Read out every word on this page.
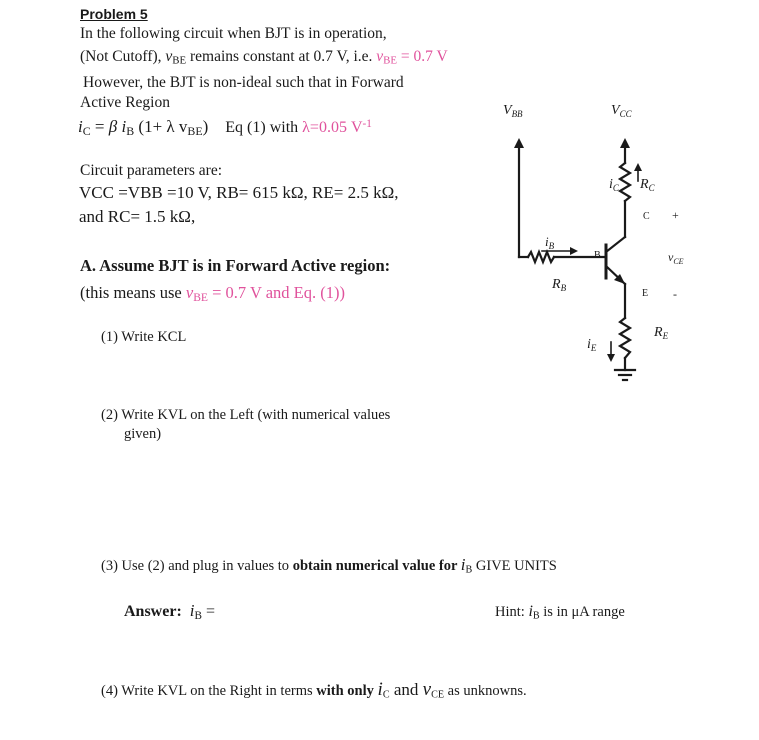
Problem 5
In the following circuit when BJT is in operation,
(Not Cutoff), $v_{BE}$ remains constant at 0.7 V, i.e. $v_{BE} = 0.7$ V
However, the BJT is non-ideal such that in Forward
Active Region
$i_C = \beta$ $i_B$ (1+ λ $v_{BE}$) Eq (1) with λ=0.05 $V^{-1}$
Circuit parameters are:
VCC =VBB =10 V, RB= 615 kΩ, RE= 2.5 kΩ,
and RC= 1.5 kΩ,
A. Assume BJT is in Forward Active region:
(this means use $v_{BE} = 0.7$ V and Eq. (1))
(1) Write KCL
(2) Write KVL on the Left (with numerical values
given)
(3) Use (2) and plug in values to obtain numerical value for $i_B$ GIVE UNITS
Answer: $i_B$ =	Hint: $i_B$ is in μA range
(4) Write KVL on the Right in terms with only $i_C$ and $v_{CE}$ as unknowns.
$V_{BB}$	$V_{CC}$
$i_B$
$R_B$
B
$i_C$ $R_C$
C +
$v_{CE}$
E -
$i_E$
$R_E$
